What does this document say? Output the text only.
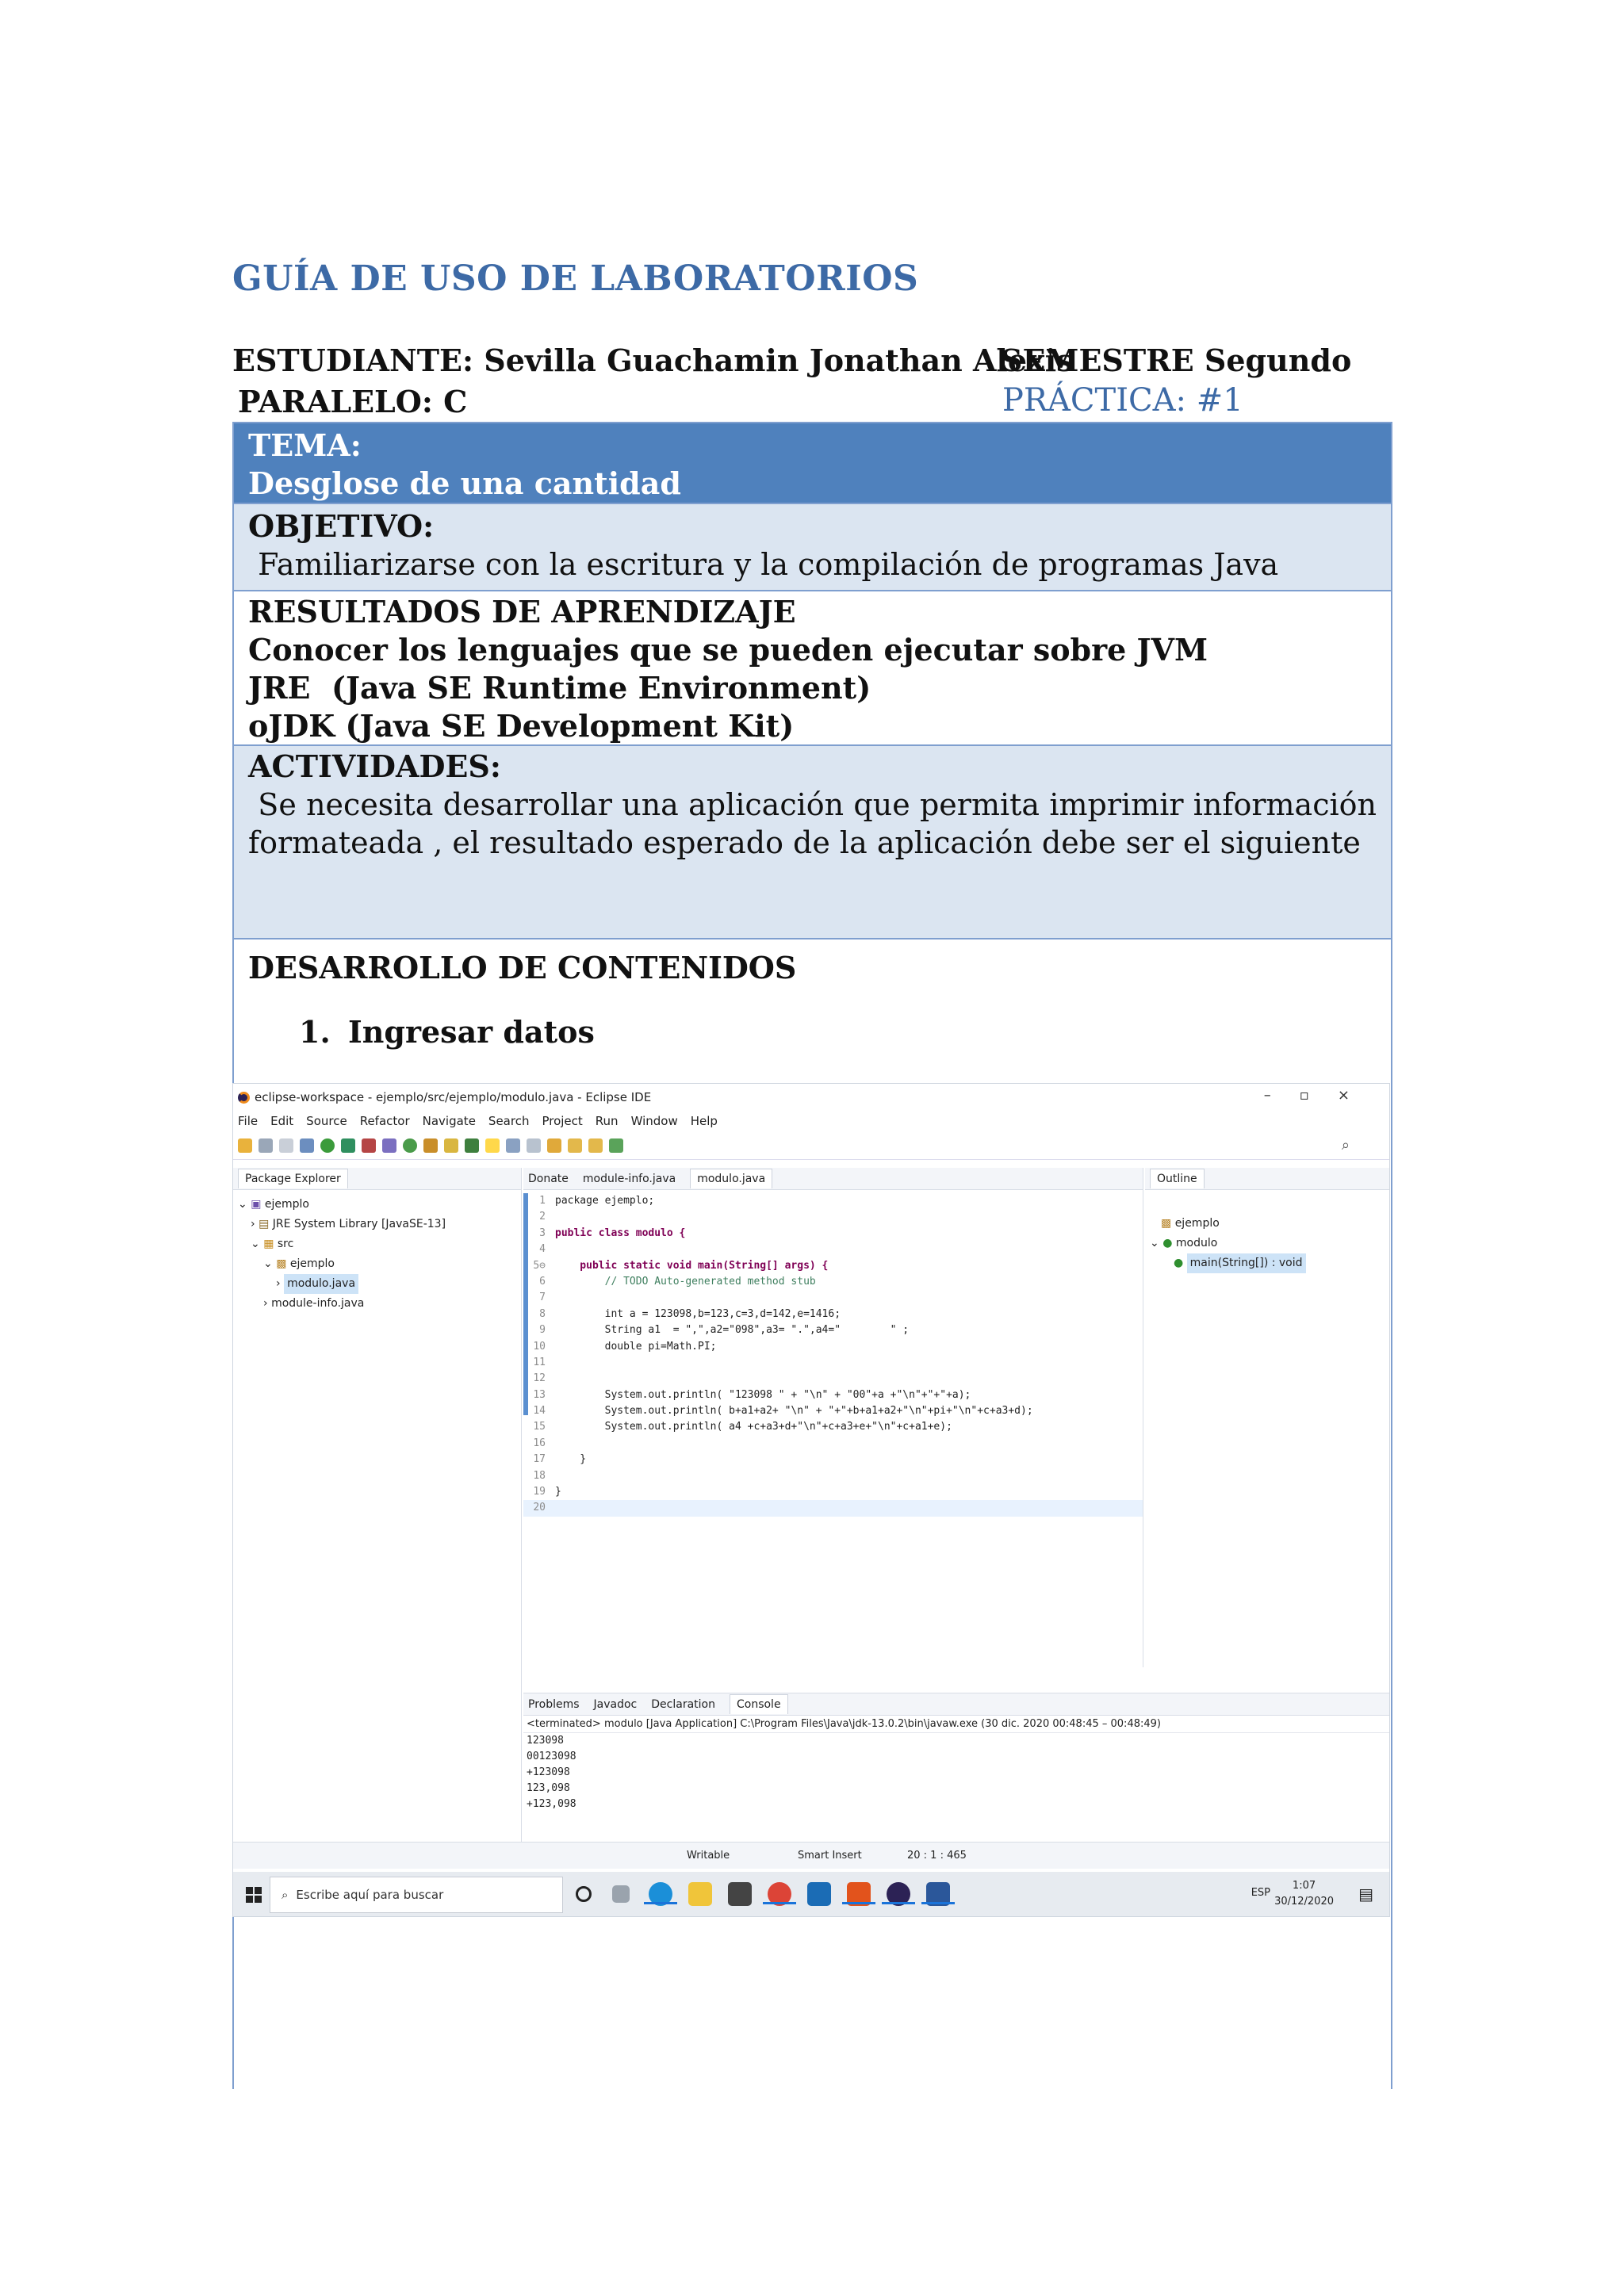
GUÍA DE USO DE LABORATORIOS
ESTUDIANTE: Sevilla Guachamin Jonathan Alexis
SEMESTRE Segundo
PARALELO: C	PRÁCTICA: #1
TEMA:
Desglose de una cantidad
OBJETIVO:
Familiarizarse con la escritura y la compilación de programas Java
RESULTADOS DE APRENDIZAJE
Conocer los lenguajes que se pueden ejecutar sobre JVM
JRE  (Java SE Runtime Environment)
oJDK (Java SE Development Kit)
ACTIVIDADES:
Se necesita desarrollar una aplicación que permita imprimir información formateada , el resultado esperado de la aplicación debe ser el siguiente
DESARROLLO DE CONTENIDOS
1. Ingresar datos
eclipse-workspace - ejemplo/src/ejemplo/modulo.java - Eclipse IDE	–▫×
File Edit Source Refactor Navigate Search Project Run Window Help
⌕
Package Explorer
⌄ ▣ ejemplo
› ▤ JRE System Library [JavaSE-13]
⌄ ▦ src
⌄ ▩ ejemplo
› modulo.java
› module-info.java
Donate module-info.java	modulo.java
1 package ejemplo;
2
3 public class modulo {
4
5⊖    public static void main(String[] args) {
6        // TODO Auto-generated method stub
7
8        int a = 123098,b=123,c=3,d=142,e=1416;
9        String a1  = ",",a2="098",a3= ".",a4="        " ;
10        double pi=Math.PI;
11
12
13        System.out.println( "123098 " + "\n" + "00"+a +"\n"+"+"+a);
14        System.out.println( b+a1+a2+ "\n" + "+"+b+a1+a2+"\n"+pi+"\n"+c+a3+d);
15        System.out.println( a4 +c+a3+d+"\n"+c+a3+e+"\n"+c+a1+e);
16
17    }
18
19 }
20
Outline
▩ ejemplo
⌄ ● modulo
● main(String[]) : void
Problems Javadoc Declaration	Console
<terminated> modulo [Java Application] C:\Program Files\Java\jdk-13.0.2\bin\javaw.exe (30 dic. 2020 00:48:45 – 00:48:49)
123098
00123098
+123098
123,098
+123,098
Writable	Smart Insert	20 : 1 : 465
⌕ Escribe aquí para buscar	ESP
1:07
30/12/2020 ▤
